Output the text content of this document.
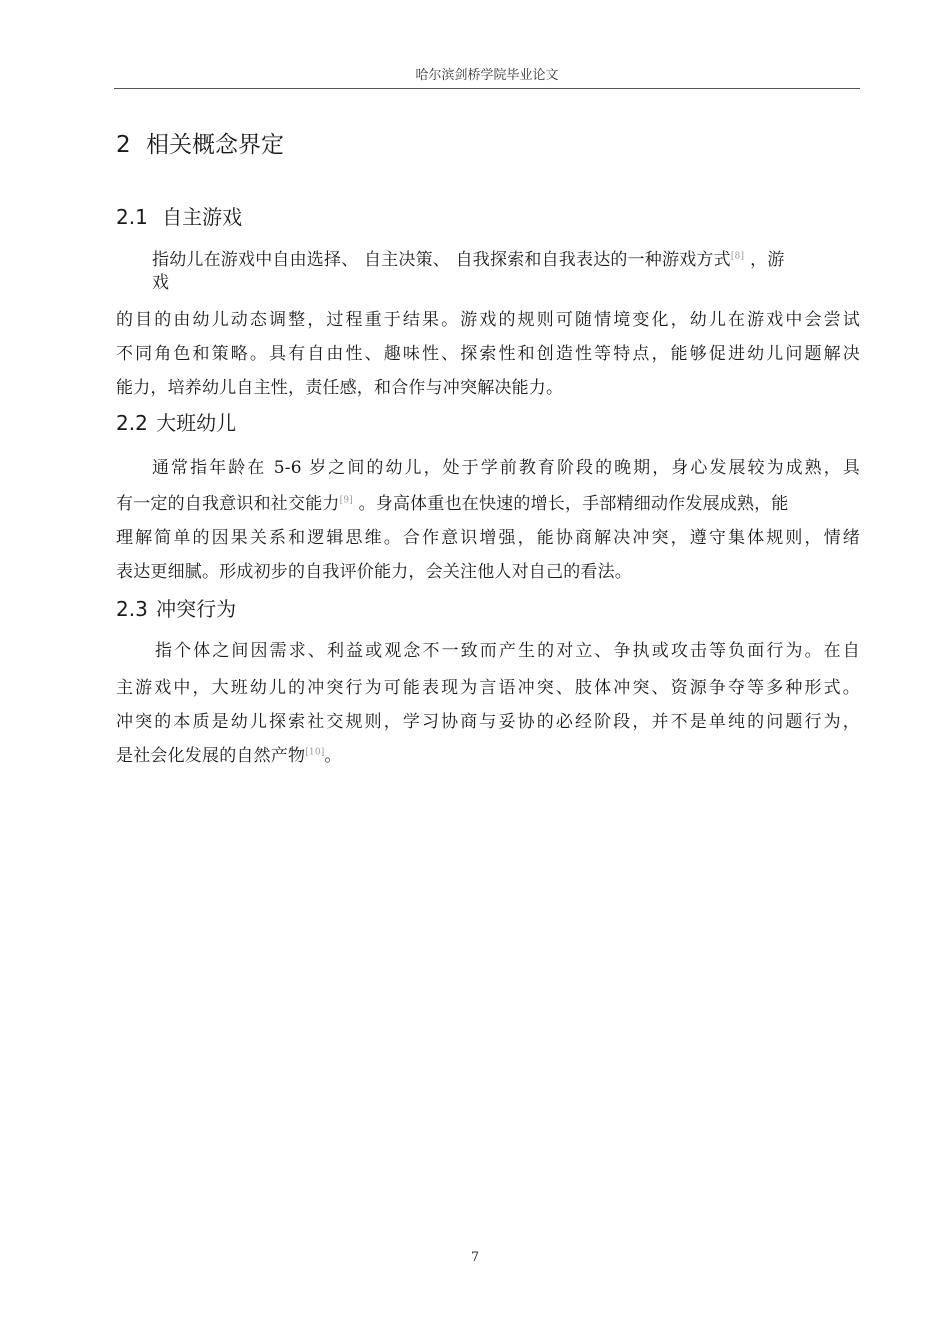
哈尔滨剑桥学院毕业论文
2 相关概念界定
2.1 自主游戏
指幼儿在游戏中自由选择、 自主决策、 自我探索和自我表达的一种游戏方式[8] ，游
戏
的目的由幼儿动态调整，过程重于结果。游戏的规则可随情境变化，幼儿在游戏中会尝试
不同角色和策略。具有自由性、趣味性、探索性和创造性等特点，能够促进幼儿问题解决
能力，培养幼儿自主性，责任感，和合作与冲突解决能力。
2.2 大班幼儿
通常指年龄在 5-6 岁之间的幼儿，处于学前教育阶段的晚期，身心发展较为成熟，具
有一定的自我意识和社交能力[9] 。身高体重也在快速的增长，手部精细动作发展成熟，能
理解简单的因果关系和逻辑思维。合作意识增强，能协商解决冲突，遵守集体规则，情绪
表达更细腻。形成初步的自我评价能力，会关注他人对自己的看法。
2.3 冲突行为
指个体之间因需求、利益或观念不一致而产生的对立、争执或攻击等负面行为。在自
主游戏中，大班幼儿的冲突行为可能表现为言语冲突、肢体冲突、资源争夺等多种形式。
冲突的本质是幼儿探索社交规则，学习协商与妥协的必经阶段，并不是单纯的问题行为，
是社会化发展的自然产物[10]。
7
